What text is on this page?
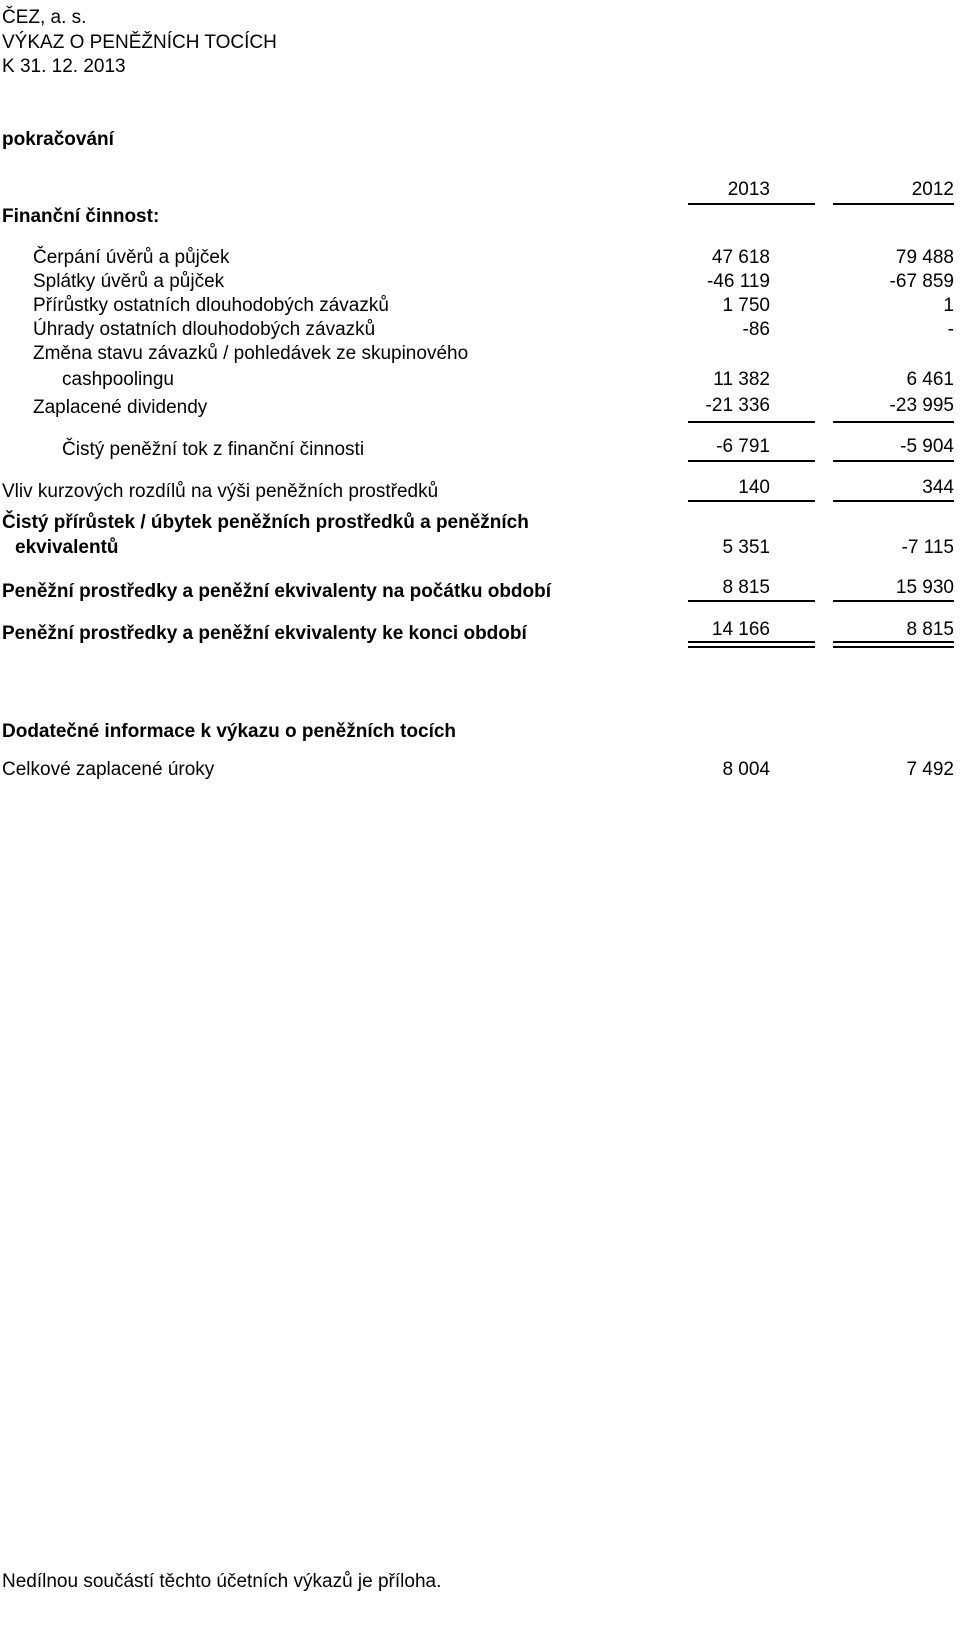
ČEZ, a. s.
VÝKAZ O PENĚŽNÍCH TOCÍCH
K 31. 12. 2013
pokračování
2013	2012
Finanční činnost:
Čerpání úvěrů a půjček	47 618	79 488
Splátky úvěrů a půjček	-46 119	-67 859
Přírůstky ostatních dlouhodobých závazků	1 750	1
Úhrady ostatních dlouhodobých závazků	-86	-
Změna stavu závazků / pohledávek ze skupinového
cashpoolingu	11 382	6 461
Zaplacené dividendy	-21 336	-23 995
Čistý peněžní tok z finanční činnosti	-6 791	-5 904
Vliv kurzových rozdílů na výši peněžních prostředků	140	344
Čistý přírůstek / úbytek peněžních prostředků a peněžních
ekvivalentů	5 351	-7 115
Peněžní prostředky a peněžní ekvivalenty na počátku období	8 815	15 930
Peněžní prostředky a peněžní ekvivalenty ke konci období	14 166	8 815
Dodatečné informace k výkazu o peněžních tocích
Celkové zaplacené úroky	8 004	7 492
Nedílnou součástí těchto účetních výkazů je příloha.
